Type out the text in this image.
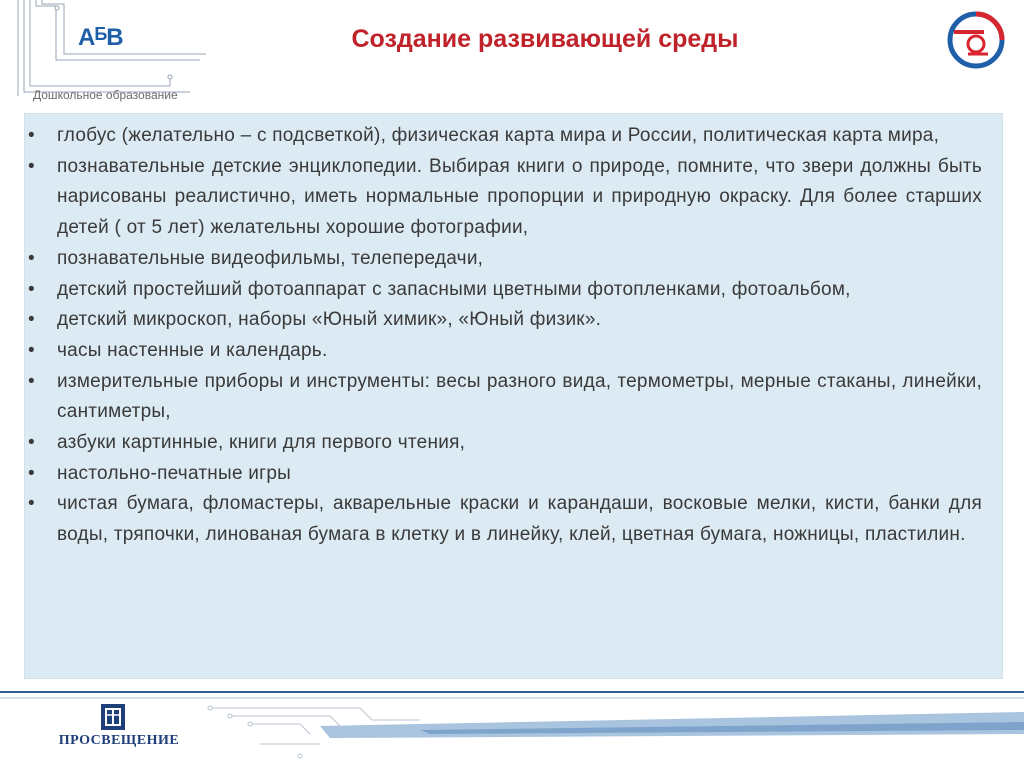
$А^БВ$
Дошкольное образование
Создание развивающей среды
• глобус (желательно – с подсветкой), физическая карта мира и России, политическая карта мира,
• познавательные детские энциклопедии. Выбирая книги о природе, помните, что звери должны быть нарисованы реалистично, иметь нормальные пропорции и природную окраску. Для более старших детей ( от 5 лет) желательны хорошие фотографии,
• познавательные видеофильмы, телепередачи,
• детский простейший фотоаппарат с запасными цветными фотопленками, фотоальбом,
• детский микроскоп, наборы «Юный химик», «Юный физик».
• часы настенные и календарь.
• измерительные приборы и инструменты: весы разного вида, термометры, мерные стаканы, линейки, сантиметры,
• азбуки картинные, книги для первого чтения,
• настольно-печатные игры
• чистая бумага, фломастеры, акварельные краски и карандаши, восковые мелки, кисти, банки для воды, тряпочки, линованая бумага в клетку и в линейку, клей, цветная бумага, ножницы, пластилин.
ПРОСВЕЩЕНИЕ
